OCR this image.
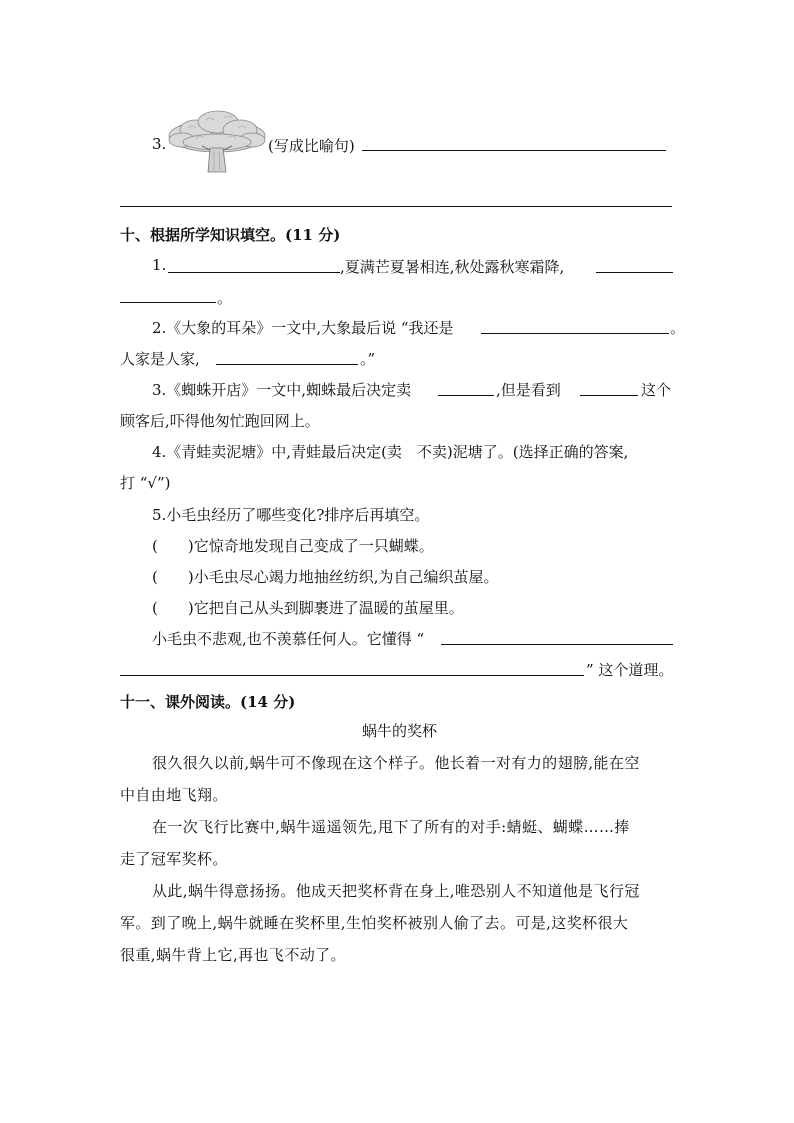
3.	(写成比喻句)
十、根据所学知识填空。(11 分)
1.	,夏满芒夏暑相连,秋处露秋寒霜降,
。
2.《大象的耳朵》一文中,大象最后说 “我还是	。
人家是人家,	。”
3.《蜘蛛开店》一文中,蜘蛛最后决定卖	,但是看到	这个
顾客后,吓得他匆忙跑回网上。
4.《青蛙卖泥塘》中,青蛙最后决定(卖　不卖)泥塘了。(选择正确的答案,
打 “√”)
5.小毛虫经历了哪些变化?排序后再填空。
(　　)它惊奇地发现自己变成了一只蝴蝶。
(　　)小毛虫尽心竭力地抽丝纺织,为自己编织茧屋。
(　　)它把自己从头到脚裹进了温暖的茧屋里。
小毛虫不悲观,也不羡慕任何人。它懂得 “
” 这个道理。
十一、课外阅读。(14 分)
蜗牛的奖杯
很久很久以前,蜗牛可不像现在这个样子。他长着一对有力的翅膀,能在空
中自由地飞翔。
在一次飞行比赛中,蜗牛遥遥领先,甩下了所有的对手:蜻蜓、蝴蝶……捧
走了冠军奖杯。
从此,蜗牛得意扬扬。他成天把奖杯背在身上,唯恐别人不知道他是飞行冠
军。到了晚上,蜗牛就睡在奖杯里,生怕奖杯被别人偷了去。可是,这奖杯很大
很重,蜗牛背上它,再也飞不动了。
